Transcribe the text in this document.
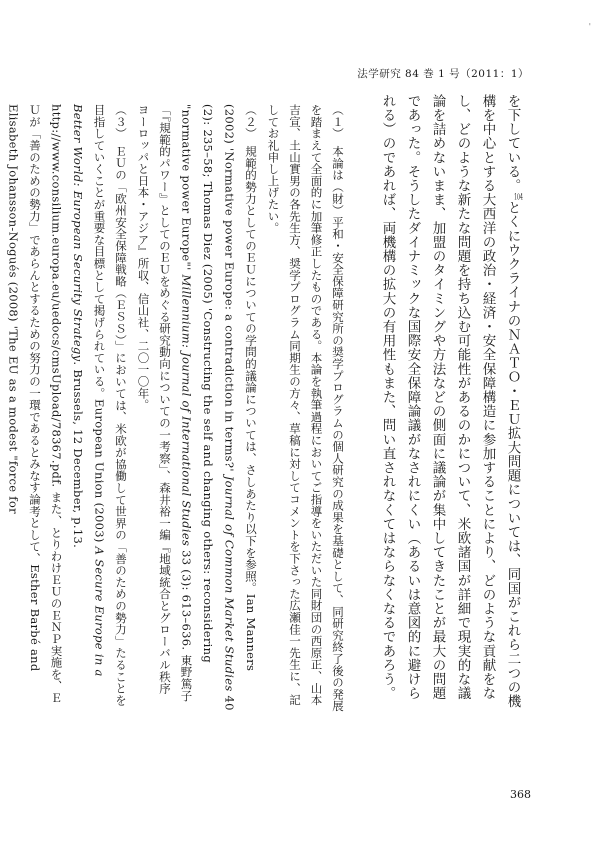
'
法学研究 84 巻 1 号（2011：1）

を下している。$^{104}$とくにウクライナのＮＡＴＯ・ＥＵ拡大問題については、同国がこれら二つの機構を中心とする大西洋の政治・経済・安全保障構造に参加することにより、どのような貢献をなし、どのような新たな問題を持ち込む可能性があるのかについて、米欧諸国が詳細で現実的な議論を詰めないまま、加盟のタイミングや方法などの側面に議論が集中してきたことが最大の問題であった。そうしたダイナミックな国際安全保障論議がなされにくい（あるいは意図的に避けられる）のであれば、両機構の拡大の有用性もまた、問い直されなくてはならなくなるであろう。

（１）　本論は（財）平和・安全保障研究所の奨学プログラムの個人研究の成果を基礎として、同研究終了後の発展を踏まえて全面的に加筆修正したものである。本論を執筆過程においてご指導をいただいた同財団の西原正、山本吉宣、土山實男の各先生方、奨学プログラム同期生の方々、草稿に対してコメントを下さった広瀬佳一先生に、記してお礼申し上げたい。

（２）　規範的勢力としてのＥＵについての学問的議論については、さしあたり以下を参照。Ian Manners (2002) 'Normative power Europe: a contradiction in terms?' Journal of Common Market Studies 40 (2): 235–58; Thomas Diez (2005) 'Constructing the self and changing others: reconsidering "normative power Europe"' Millennium: Journal of International Studies 33 (3): 613–636. 東野篤子「『規範的パワー』としてのＥＵをめぐる研究動向についての一考察」、森井裕一編『地域統合とグローバル秩序　ヨーロッパと日本・アジア』所収、信山社、二〇一〇年。

（３）　ＥＵの「欧州安全保障戦略（ＥＳＳ）」においては、米欧が協働して世界の「善のための勢力」たることを目指していくことが重要な目標として掲げられている。European Union (2003) A Secure Europe in a Better World: European Security Strategy. Brussels, 12 December, p.13. http://www.consilium.europa.eu/uedocs/cmsUpload/78367.pdf. また、とりわけＥＵのＥＮＰ実施を、ＥＵが「善のための勢力」であらんとするための努力の一環であるとみなす論考として、Esther Barbé and Elisabeth Johansson-Nogués (2008) 'The EU as a modest "force for

368
